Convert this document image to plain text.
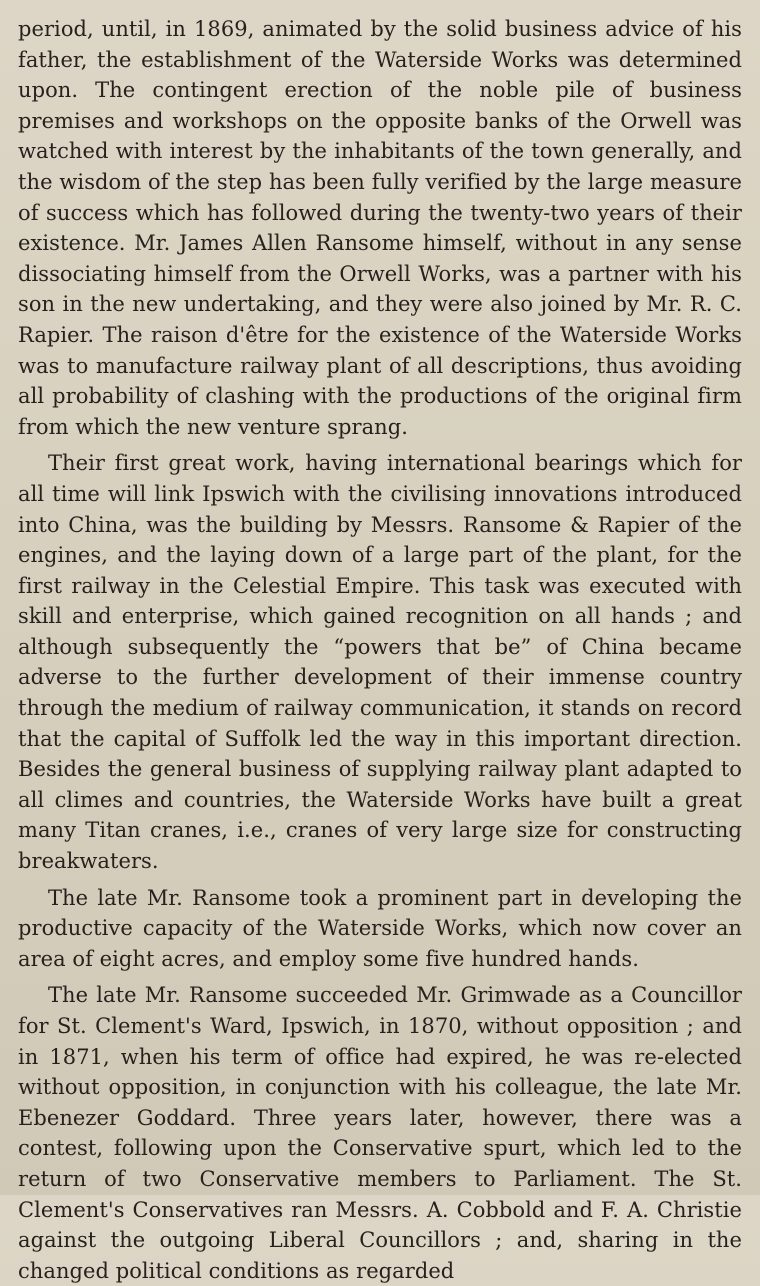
period, until, in 1869, animated by the solid business advice of his father, the establishment of the Waterside Works was determined upon. The contingent erection of the noble pile of business premises and workshops on the opposite banks of the Orwell was watched with interest by the inhabitants of the town generally, and the wisdom of the step has been fully verified by the large measure of success which has followed during the twenty-two years of their existence. Mr. James Allen Ransome himself, without in any sense dissociating himself from the Orwell Works, was a partner with his son in the new undertaking, and they were also joined by Mr. R. C. Rapier. The raison d'être for the existence of the Waterside Works was to manufacture railway plant of all descriptions, thus avoiding all probability of clashing with the productions of the original firm from which the new venture sprang.

Their first great work, having international bearings which for all time will link Ipswich with the civilising innovations introduced into China, was the building by Messrs. Ransome & Rapier of the engines, and the laying down of a large part of the plant, for the first railway in the Celestial Empire. This task was executed with skill and enterprise, which gained recognition on all hands ; and although subsequently the “powers that be” of China became adverse to the further development of their immense country through the medium of railway communication, it stands on record that the capital of Suffolk led the way in this important direction. Besides the general business of supplying railway plant adapted to all climes and countries, the Waterside Works have built a great many Titan cranes, i.e., cranes of very large size for constructing breakwaters.

The late Mr. Ransome took a prominent part in developing the productive capacity of the Waterside Works, which now cover an area of eight acres, and employ some five hundred hands.

The late Mr. Ransome succeeded Mr. Grimwade as a Councillor for St. Clement's Ward, Ipswich, in 1870, without opposition ; and in 1871, when his term of office had expired, he was re-elected without opposition, in conjunction with his colleague, the late Mr. Ebenezer Goddard. Three years later, however, there was a contest, following upon the Conservative spurt, which led to the return of two Conservative members to Parliament. The St. Clement's Conservatives ran Messrs. A. Cobbold and F. A. Christie against the outgoing Liberal Councillors ; and, sharing in the changed political conditions as regarded
